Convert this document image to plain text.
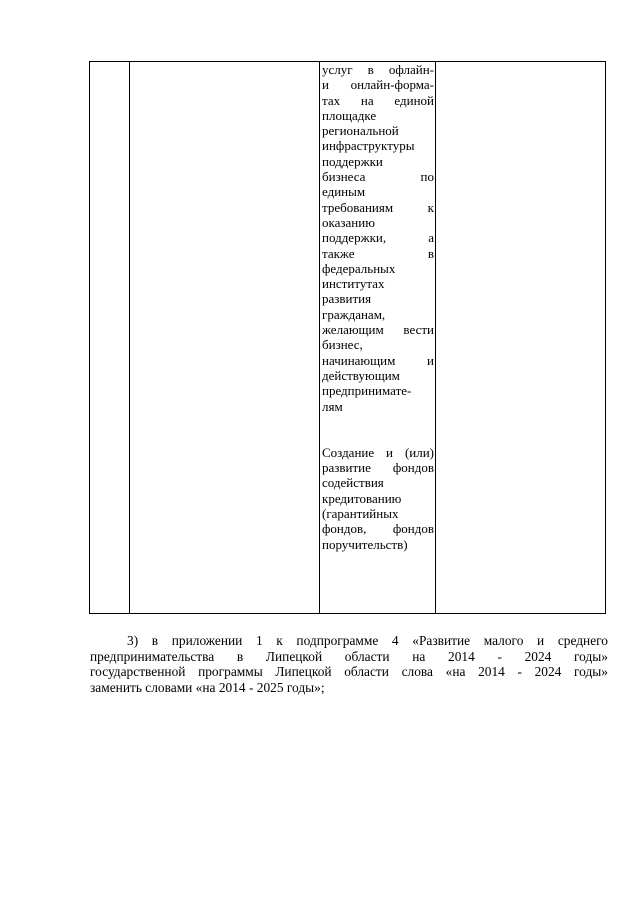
услуг в офлайн-
и онлайн-форма-
тах на единой
площадке
региональной
инфраструктуры
поддержки
бизнеса по
единым
требованиям к
оказанию
поддержки, а
также в
федеральных
институтах
развития
гражданам,
желающим вести
бизнес,
начинающим и
действующим
предпринимате-
лям
Создание и (или)
развитие фондов
содействия
кредитованию
(гарантийных
фондов, фондов
поручительств)

3) в приложении 1 к подпрограмме 4 «Развитие малого и среднего
предпринимательства в Липецкой области на 2014 - 2024 годы»
государственной программы Липецкой области слова «на 2014 - 2024 годы»
заменить словами «на 2014 - 2025 годы»;
